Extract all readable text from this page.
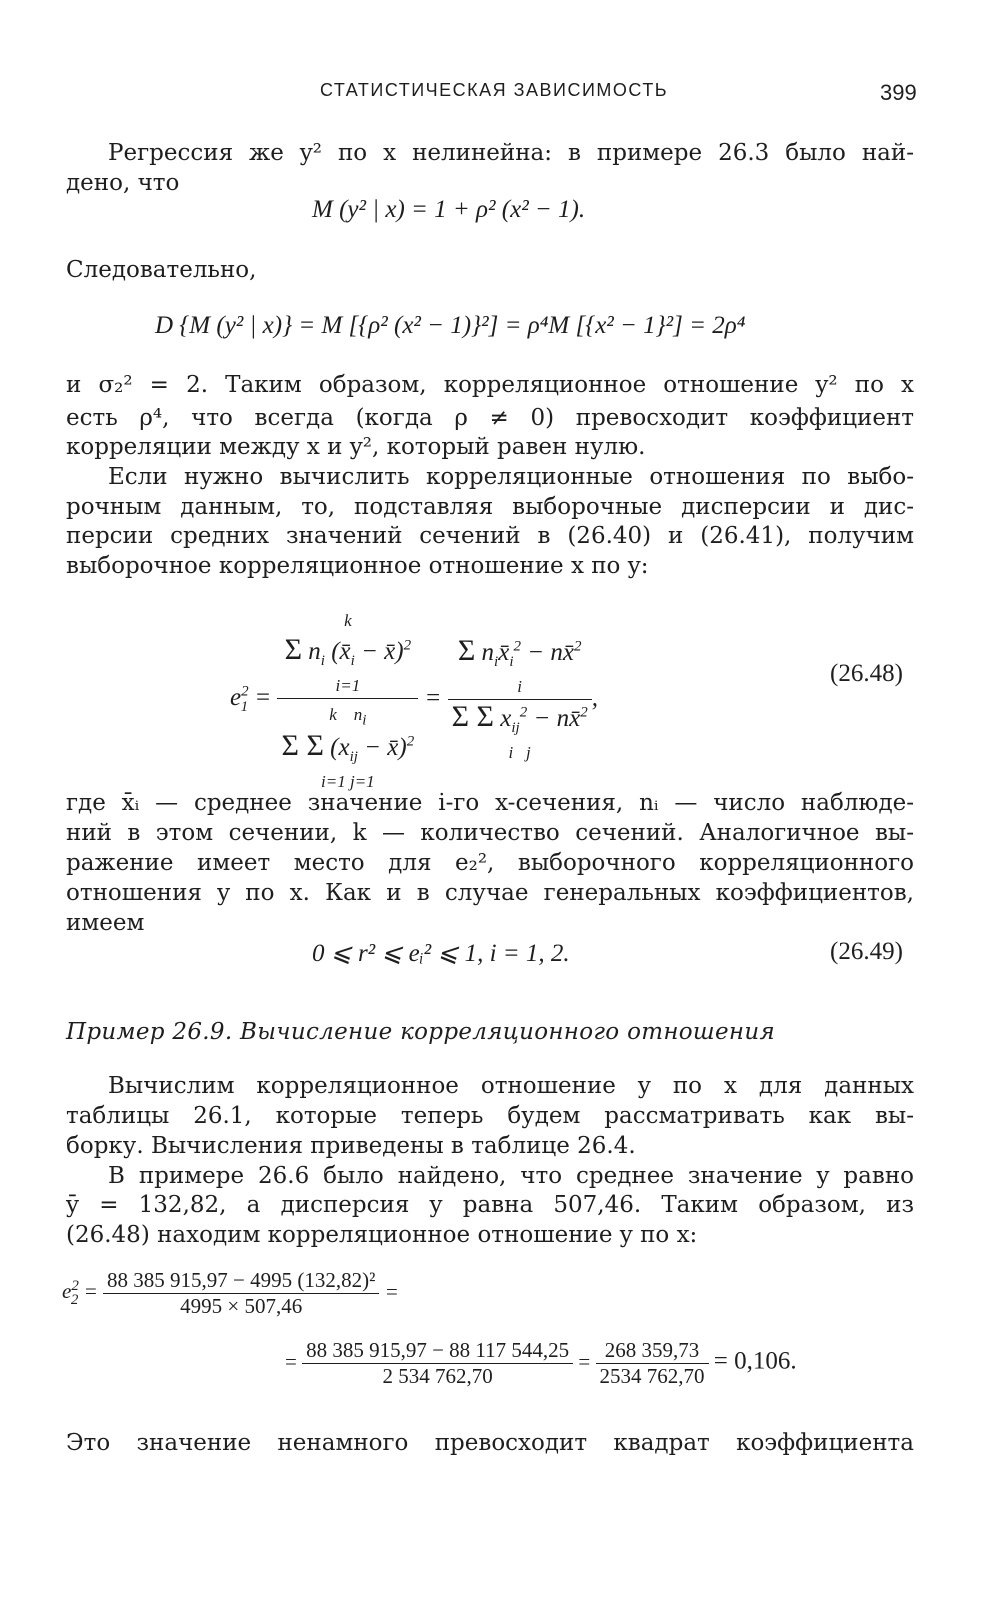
СТАТИСТИЧЕСКАЯ ЗАВИСИМОСТЬ	399
Регрессия же y² по x нелинейна: в примере 26.3 было най-
дено, что
M (y² | x) = 1 + ρ² (x² − 1).
Следовательно,
D {M (y² | x)} = M [{ρ² (x² − 1)}²] = ρ⁴M [{x² − 1}²] = 2ρ⁴
и σ₂² = 2. Таким образом, корреляционное отношение y² по x
есть ρ⁴, что всегда (когда ρ ≠ 0) превосходит коэффициент
корреляции между x и y², который равен нулю.
Если нужно вычислить корреляционные отношения по выбо-
рочным данным, то, подставляя выборочные дисперсии и дис-
персии средних значений сечений в (26.40) и (26.41), получим
выборочное корреляционное отношение x по y:
$e^2_1$ =
k
Σ $n_i$ ($x̄_i$ − x̄)$^2$
i=1
k    ni
Σ Σ ($x_{ij}$ − x̄)$^2$
i=1 j=1
=
Σ $n_ix̄_i^2$ − nx̄$^2$
i
Σ Σ $x_{ij}^2$ − nx̄$^2$
i   j
,
(26.48)
где x̄ᵢ — среднее значение i-го x-сечения, nᵢ — число наблюде-
ний в этом сечении, k — количество сечений. Аналогичное вы-
ражение имеет место для e₂², выборочного корреляционного
отношения y по x. Как и в случае генеральных коэффициентов,
имеем
0 ⩽ r² ⩽ eᵢ² ⩽ 1, i = 1, 2.	(26.49)
Пример 26.9. Вычисление корреляционного отношения
Вычислим корреляционное отношение y по x для данных
таблицы 26.1, которые теперь будем рассматривать как вы-
борку. Вычисления приведены в таблице 26.4.
В примере 26.6 было найдено, что среднее значение y равно
ȳ = 132,82, а дисперсия y равна 507,46. Таким образом, из
(26.48) находим корреляционное отношение y по x:
$e^2_2 = \frac{\text{88 385 915,97 − 4995 (132,82)²}}{4995 \times 507,46}$ =
= $\frac{88 385 915,97 - 88 117 544,25}{2 534 762,70} = \frac{268 359,73}{2534 762,70} = 0,106$.
Это значение ненамного превосходит квадрат коэффициента
